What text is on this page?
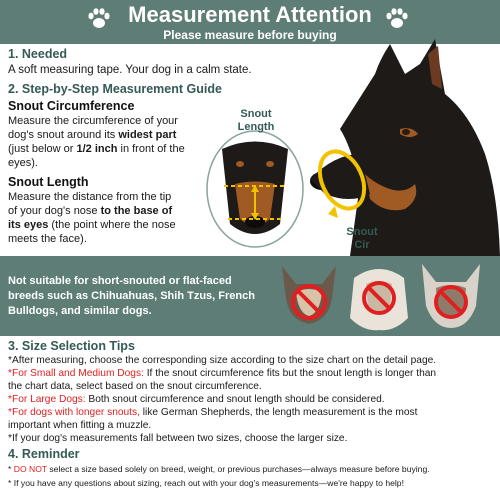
Measurement Attention
Please measure before buying
Snout
Length
Snout
Cir
1. Needed
A soft measuring tape. Your dog in a calm state.
2. Step-by-Step Measurement Guide
Snout Circumference
Measure the circumference of your
dog's snout around its widest part
(just below or 1/2 inch in front of the
eyes).
Snout Length
Measure the distance from the tip
of your dog's nose to the base of
its eyes (the point where the nose
meets the face).
Not suitable for short-snouted or flat-faced breeds such as Chihuahuas, Shih Tzus, French Bulldogs, and similar dogs.
3. Size Selection Tips
*After measuring, choose the corresponding size according to the size chart on the detail page.
*For Small and Medium Dogs: If the snout circumference fits but the snout length is longer than
the chart data, select based on the snout circumference.
*For Large Dogs: Both snout circumference and snout length should be considered.
*For dogs with longer snouts, like German Shepherds, the length measurement is the most
important when fitting a muzzle.
*If your dog's measurements fall between two sizes, choose the larger size.
4. Reminder
* DO NOT select a size based solely on breed, weight, or previous purchases—always measure before buying.
* If you have any questions about sizing, reach out with your dog's measurements—we're happy to help!
